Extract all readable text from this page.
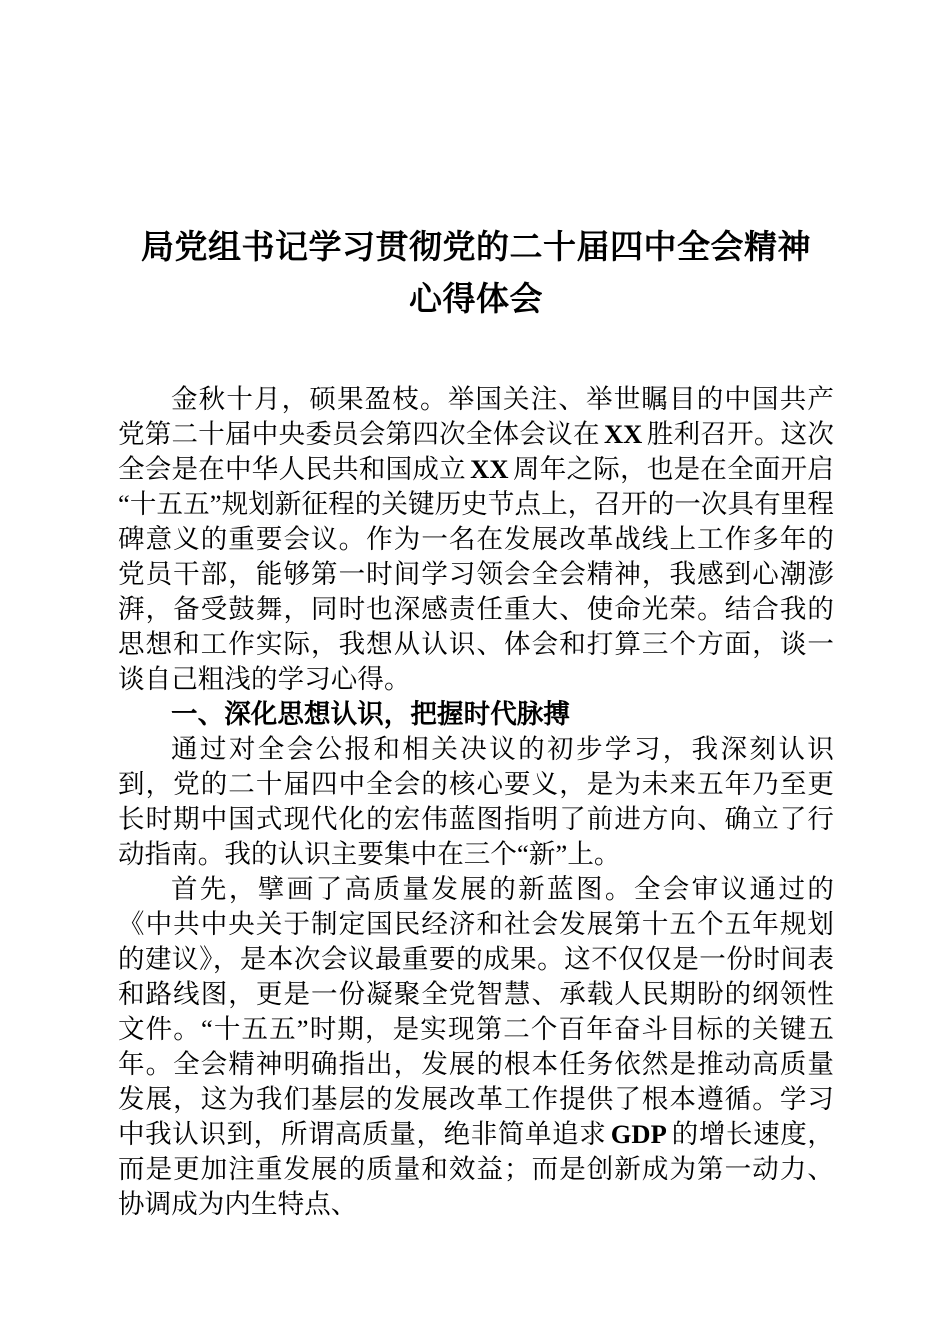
局党组书记学习贯彻党的二十届四中全会精神
心得体会

金秋十月，硕果盈枝。举国关注、举世瞩目的中国共产党第二十届中央委员会第四次全体会议在 XX 胜利召开。这次全会是在中华人民共和国成立 XX 周年之际，也是在全面开启“十五五”规划新征程的关键历史节点上，召开的一次具有里程碑意义的重要会议。作为一名在发展改革战线上工作多年的党员干部，能够第一时间学习领会全会精神，我感到心潮澎湃，备受鼓舞，同时也深感责任重大、使命光荣。结合我的思想和工作实际，我想从认识、体会和打算三个方面，谈一谈自己粗浅的学习心得。

一、深化思想认识，把握时代脉搏

通过对全会公报和相关决议的初步学习，我深刻认识到，党的二十届四中全会的核心要义，是为未来五年乃至更长时期中国式现代化的宏伟蓝图指明了前进方向、确立了行动指南。我的认识主要集中在三个“新”上。

首先，擘画了高质量发展的新蓝图。全会审议通过的《中共中央关于制定国民经济和社会发展第十五个五年规划的建议》，是本次会议最重要的成果。这不仅仅是一份时间表和路线图，更是一份凝聚全党智慧、承载人民期盼的纲领性文件。“十五五”时期，是实现第二个百年奋斗目标的关键五年。全会精神明确指出，发展的根本任务依然是推动高质量发展，这为我们基层的发展改革工作提供了根本遵循。学习中我认识到，所谓高质量，绝非简单追求 GDP 的增长速度，而是更加注重发展的质量和效益；而是创新成为第一动力、协调成为内生特点、
